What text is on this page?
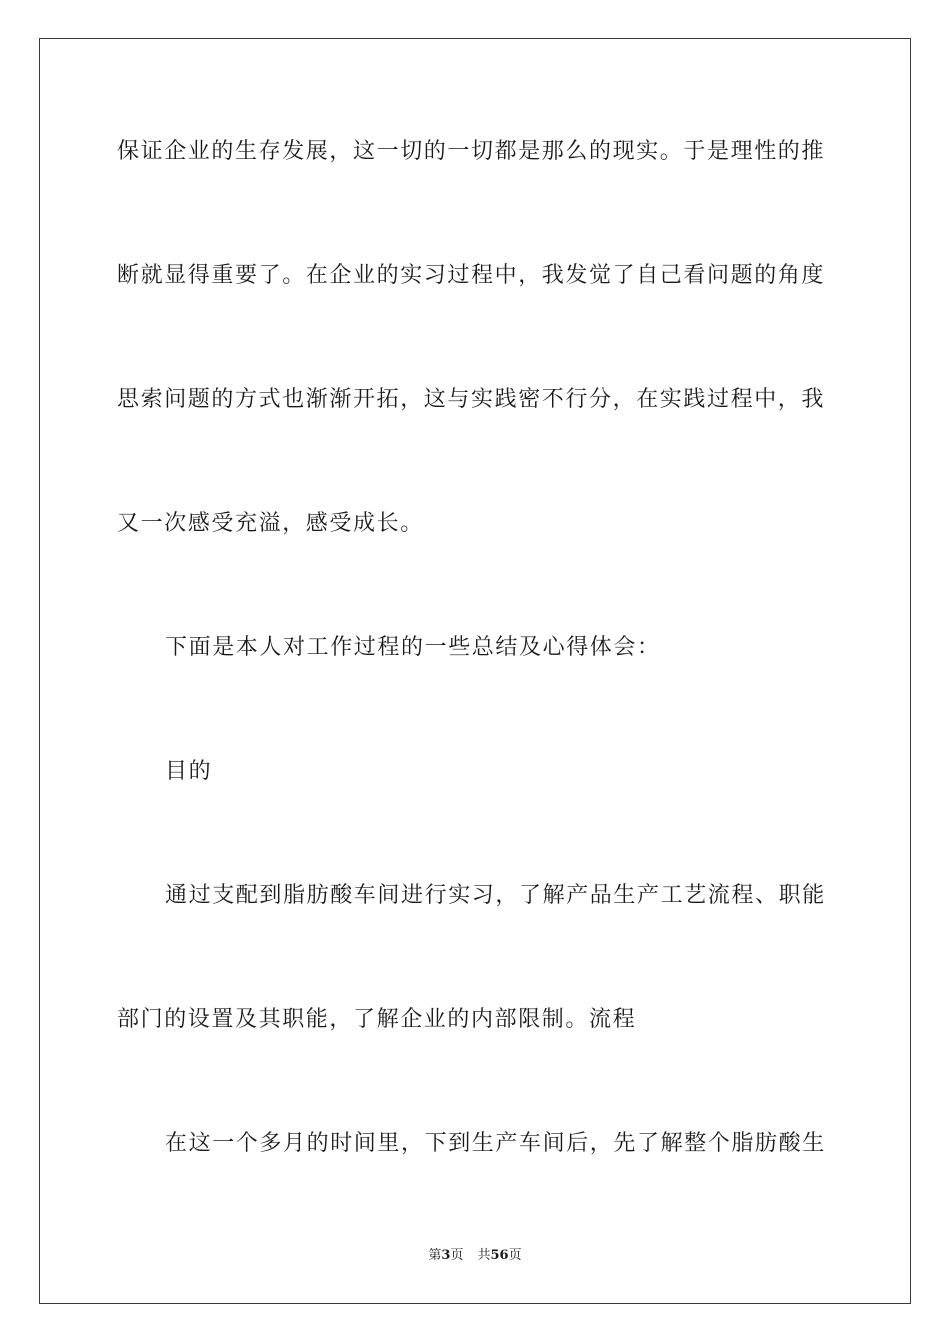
保证企业的生存发展，这一切的一切都是那么的现实。于是理性的推
断就显得重要了。在企业的实习过程中，我发觉了自己看问题的角度
思索问题的方式也渐渐开拓，这与实践密不行分，在实践过程中，我
又一次感受充溢，感受成长。
下面是本人对工作过程的一些总结及心得体会：
目的
通过支配到脂肪酸车间进行实习，了解产品生产工艺流程、职能
部门的设置及其职能，了解企业的内部限制。流程
在这一个多月的时间里，下到生产车间后，先了解整个脂肪酸生
第3页 共56页
